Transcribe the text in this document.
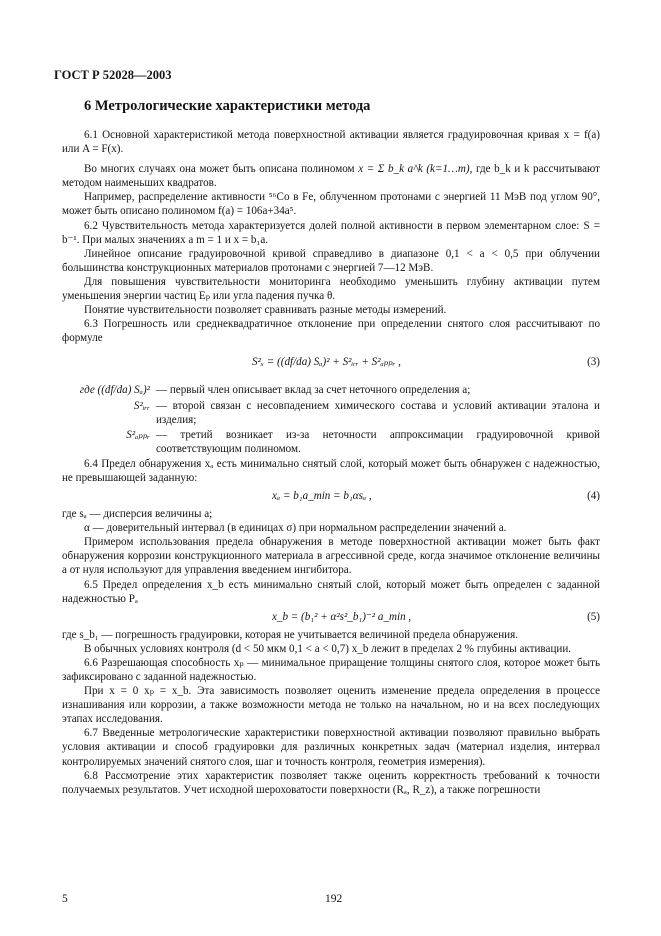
ГОСТ Р 52028—2003
6 Метрологические характеристики метода

6.1 Основной характеристикой метода поверхностной активации является градуировочная кривая x = f(a) или A = F(x).

Во многих случаях она может быть описана полиномом x = Σ b_k a^k (k=1…m), где b_k и k рассчитывают методом наименьших квадратов.

Например, распределение активности ⁵⁶Co в Fe, облученном протонами с энергией 11 МэВ под углом 90°, может быть описано полиномом f(a) = 106a+34a⁵.

6.2 Чувствительность метода характеризуется долей полной активности в первом элементарном слое: S = b⁻¹. При малых значениях a m = 1 и x = b₁a.

Линейное описание градуировочной кривой справедливо в диапазоне 0,1 < a < 0,5 при облучении большинства конструкционных материалов протонами с энергией 7—12 МэВ.

Для повышения чувствительности мониторинга необходимо уменьшить глубину активации путем уменьшения энергии частиц Eₚ или угла падения пучка θ.

Понятие чувствительности позволяет сравнивать разные методы измерений.

6.3 Погрешность или среднеквадратичное отклонение при определении снятого слоя рассчитывают по формуле

S²ₓ = ((df/da) Sₐ)² + S²ᵢᵣᵣ + S²ₐₚₚᵣ ,	(3)
где ((df/da) Sₐ)² — первый член описывает вклад за счет неточного определения a;
S²ᵢᵣᵣ — второй связан с несовпадением химического состава и условий активации эталона и изделия;
S²ₐₚₚᵣ — третий возникает из-за неточности аппроксимации градуировочной кривой соответствующим полиномом.

6.4 Предел обнаружения xₐ есть минимально снятый слой, который может быть обнаружен с надежностью, не превышающей заданную:

xₐ = b₁a_min = b₁αsₐ ,	(4)

где sₐ — дисперсия величины a;

α — доверительный интервал (в единицах σ) при нормальном распределении значений a.

Примером использования предела обнаружения в методе поверхностной активации может быть факт обнаружения коррозии конструкционного материала в агрессивной среде, когда значимое отклонение величины a от нуля используют для управления введением ингибитора.

6.5 Предел определения x_b есть минимально снятый слой, который может быть определен с заданной надежностью Pₐ

x_b = (b₁² + α²s²_b₁)⁻² a_min ,	(5)

где s_b₁ — погрешность градуировки, которая не учитывается величиной предела обнаружения.

В обычных условиях контроля (d < 50 мкм 0,1 < a < 0,7) x_b лежит в пределах 2 % глубины активации.

6.6 Разрешающая способность xₚ — минимальное приращение толщины снятого слоя, которое может быть зафиксировано с заданной надежностью.

При x = 0 xₚ = x_b. Эта зависимость позволяет оценить изменение предела определения в процессе изнашивания или коррозии, а также возможности метода не только на начальном, но и на всех последующих этапах исследования.

6.7 Введенные метрологические характеристики поверхностной активации позволяют правильно выбрать условия активации и способ градуировки для различных конкретных задач (материал изделия, интервал контролируемых значений снятого слоя, шаг и точность контроля, геометрия измерения).

6.8 Рассмотрение этих характеристик позволяет также оценить корректность требований к точности получаемых результатов. Учет исходной шероховатости поверхности (Rₐ, R_z), а также погрешности

5	192
